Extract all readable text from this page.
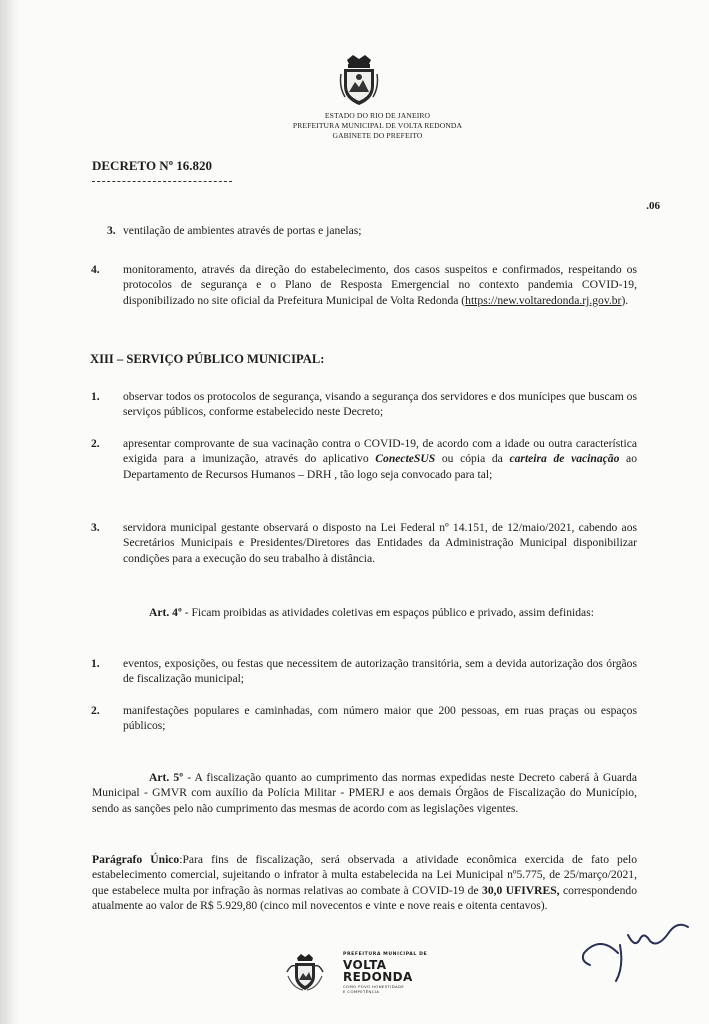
ESTADO DO RIO DE JANEIRO
PREFEITURA MUNICIPAL DE VOLTA REDONDA
GABINETE DO PREFEITO
DECRETO Nº 16.820
.06
3. ventilação de ambientes através de portas e janelas;
4. monitoramento, através da direção do estabelecimento, dos casos suspeitos e confirmados, respeitando os protocolos de segurança e o Plano de Resposta Emergencial no contexto pandemia COVID-19, disponibilizado no site oficial da Prefeitura Municipal de Volta Redonda (https://new.voltaredonda.rj.gov.br).
XIII – SERVIÇO PÚBLICO MUNICIPAL:
1. observar todos os protocolos de segurança, visando a segurança dos servidores e dos munícipes que buscam os serviços públicos, conforme estabelecido neste Decreto;
2. apresentar comprovante de sua vacinação contra o COVID-19, de acordo com a idade ou outra característica exigida para a imunização, através do aplicativo ConecteSUS ou cópia da carteira de vacinação ao Departamento de Recursos Humanos – DRH , tão logo seja convocado para tal;
3. servidora municipal gestante observará o disposto na Lei Federal nº 14.151, de 12/maio/2021, cabendo aos Secretários Municipais e Presidentes/Diretores das Entidades da Administração Municipal disponibilizar condições para a execução do seu trabalho à distância.
Art. 4º - Ficam proibidas as atividades coletivas em espaços público e privado, assim definidas:
1. eventos, exposições, ou festas que necessitem de autorização transitória, sem a devida autorização dos órgãos de fiscalização municipal;
2. manifestações populares e caminhadas, com número maior que 200 pessoas, em ruas praças ou espaços públicos;
Art. 5º - A fiscalização quanto ao cumprimento das normas expedidas neste Decreto caberá à Guarda Municipal - GMVR com auxílio da Polícia Militar - PMERJ e aos demais Órgãos de Fiscalização do Município, sendo as sanções pelo não cumprimento das mesmas de acordo com as legislações vigentes.
Parágrafo Único:Para fins de fiscalização, será observada a atividade econômica exercida de fato pelo estabelecimento comercial, sujeitando o infrator à multa estabelecida na Lei Municipal nº5.775, de 25/março/2021, que estabelece multa por infração às normas relativas ao combate à COVID-19 de 30,0 UFIVRES, correspondendo atualmente ao valor de R$ 5.929,80 (cinco mil novecentos e vinte e nove reais e oitenta centavos).
PREFEITURA MUNICIPAL DE
VOLTA
REDONDA
COMO POVO HONESTIDADE
E COMPETÊNCIA
